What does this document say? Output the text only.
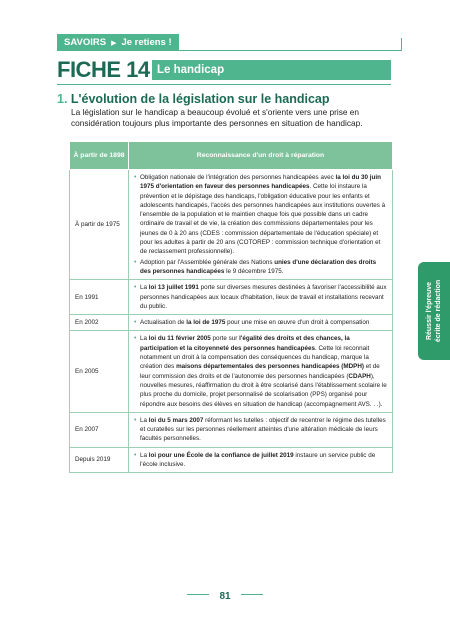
SAVOIRS ▶ Je retiens !
FICHE 14 Le handicap
1. L'évolution de la législation sur le handicap

La législation sur le handicap a beaucoup évolué et s'oriente vers une prise en considération toujours plus importante des personnes en situation de handicap.

À partir de 1898	Reconnaissance d'un droit à réparation
À partir de 1975	• Obligation nationale de l'intégration des personnes handicapées avec la loi du 30 juin 1975 d'orientation en faveur des personnes handicapées. Cette loi instaure la prévention et le dépistage des handicaps, l'obligation éducative pour les enfants et adolescents handicapés, l'accès des personnes handicapées aux institutions ouvertes à l'ensemble de la population et le maintien chaque fois que possible dans un cadre ordinaire de travail et de vie, la création des commissions départementales pour les jeunes de 0 à 20 ans (CDES : commission départementale de l'éducation spéciale) et pour les adultes à partir de 20 ans (COTOREP : commission technique d'orientation et de reclassement professionnelle).
• Adoption par l'Assemblée générale des Nations unies d'une déclaration des droits des personnes handicapées le 9 décembre 1975.

En 1991	• La loi 13 juillet 1991 porte sur diverses mesures destinées à favoriser l'accessibilité aux personnes handicapées aux locaux d'habitation, lieux de travail et installations recevant du public.

En 2002	• Actualisation de la loi de 1975 pour une mise en œuvre d'un droit à compensation

En 2005	• La loi du 11 février 2005 porte sur l'égalité des droits et des chances, la participation et la citoyenneté des personnes handicapées. Cette loi reconnait notamment un droit à la compensation des conséquences du handicap, marque la création des maisons départementales des personnes handicapées (MDPH) et de leur commission des droits et de l'autonomie des personnes handicapées (CDAPH), nouvelles mesures, réaffirmation du droit à être scolarisé dans l'établissement scolaire le plus proche du domicile, projet personnalisé de scolarisation (PPS) organisé pour répondre aux besoins des élèves en situation de handicap (accompagnement AVS. . .).

En 2007	• La loi du 5 mars 2007 réformant les tutelles : objectif de recentrer le régime des tutelles et curatelles sur les personnes réellement atteintes d'une altération médicale de leurs facultés personnelles.

Depuis 2019	• La loi pour une École de la confiance de juillet 2019 instaure un service public de l'école inclusive.
Réussir l'épreuve écrite de rédaction
81
